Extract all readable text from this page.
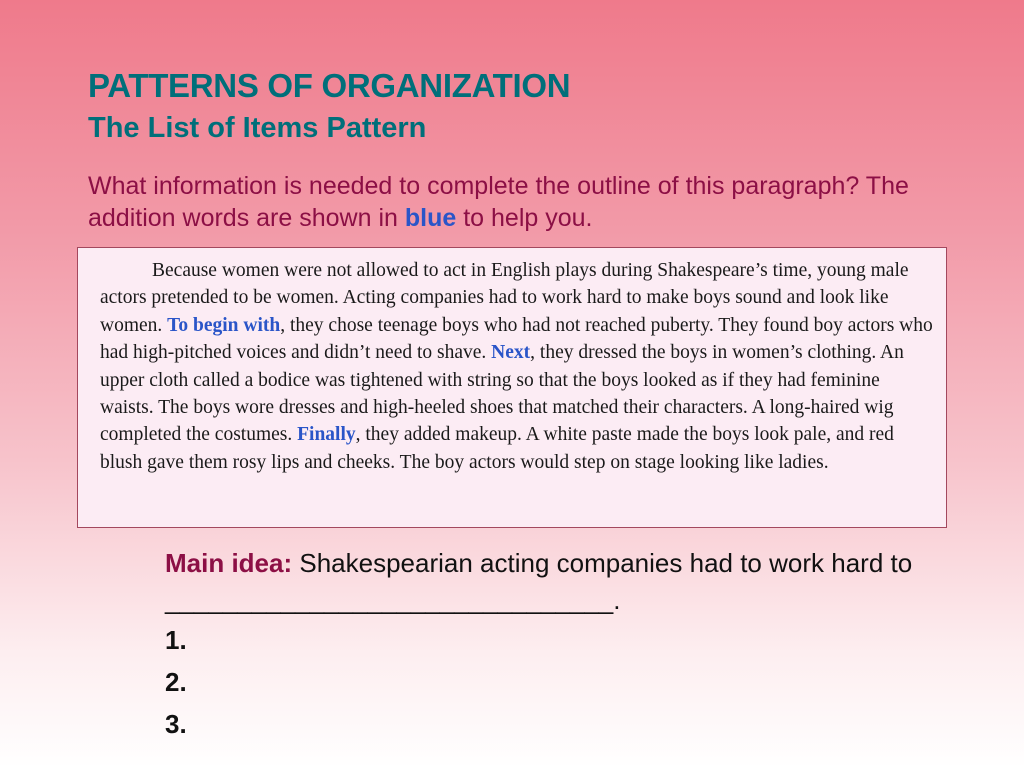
PATTERNS OF ORGANIZATION
The List of Items Pattern

What information is needed to complete the outline of this paragraph? The addition words are shown in blue to help you.

Because women were not allowed to act in English plays during Shakespeare’s time, young male actors pretended to be women. Acting companies had to work hard to make boys sound and look like women. To begin with, they chose teenage boys who had not reached puberty. They found boy actors who had high-pitched voices and didn’t need to shave. Next, they dressed the boys in women’s clothing. An upper cloth called a bodice was tightened with string so that the boys looked as if they had feminine waists. The boys wore dresses and high-heeled shoes that matched their characters. A long-haired wig completed the costumes. Finally, they added makeup. A white paste made the boys look pale, and red blush gave them rosy lips and cheeks. The boy actors would step on stage looking like ladies.

Main idea: Shakespearian acting companies had to work hard to _______________________________.

1.

2.

3.
